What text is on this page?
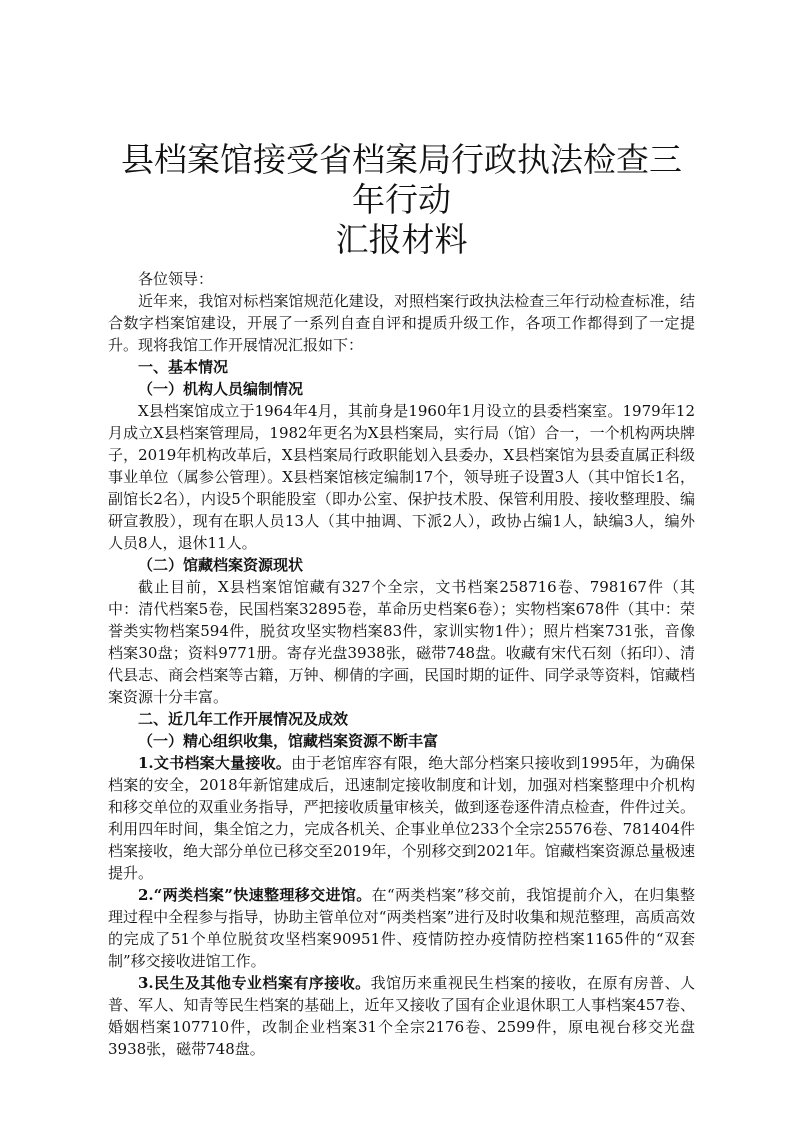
县档案馆接受省档案局行政执法检查三年行动
汇报材料

各位领导：

近年来，我馆对标档案馆规范化建设，对照档案行政执法检查三年行动检查标准，结合数字档案馆建设，开展了一系列自查自评和提质升级工作，各项工作都得到了一定提升。现将我馆工作开展情况汇报如下：

一、基本情况

（一）机构人员编制情况

X县档案馆成立于1964年4月，其前身是1960年1月设立的县委档案室。1979年12月成立X县档案管理局，1982年更名为X县档案局，实行局（馆）合一，一个机构两块牌子，2019年机构改革后，X县档案局行政职能划入县委办，X县档案馆为县委直属正科级事业单位（属参公管理）。X县档案馆核定编制17个，领导班子设置3人（其中馆长1名，副馆长2名），内设5个职能股室（即办公室、保护技术股、保管利用股、接收整理股、编研宣教股），现有在职人员13人（其中抽调、下派2人），政协占编1人，缺编3人，编外人员8人，退休11人。

（二）馆藏档案资源现状

截止目前，X县档案馆馆藏有327个全宗，文书档案258716卷、798167件（其中：清代档案5卷，民国档案32895卷，革命历史档案6卷）；实物档案678件（其中：荣誉类实物档案594件，脱贫攻坚实物档案83件，家训实物1件）；照片档案731张，音像档案30盘；资料9771册。寄存光盘3938张，磁带748盘。收藏有宋代石刻（拓印）、清代县志、商会档案等古籍，万钟、柳倩的字画，民国时期的证件、同学录等资料，馆藏档案资源十分丰富。

二、近几年工作开展情况及成效

（一）精心组织收集，馆藏档案资源不断丰富

1.文书档案大量接收。由于老馆库容有限，绝大部分档案只接收到1995年，为确保档案的安全，2018年新馆建成后，迅速制定接收制度和计划，加强对档案整理中介机构和移交单位的双重业务指导，严把接收质量审核关，做到逐卷逐件清点检查，件件过关。利用四年时间，集全馆之力，完成各机关、企事业单位233个全宗25576卷、781404件档案接收，绝大部分单位已移交至2019年，个别移交到2021年。馆藏档案资源总量极速提升。

2.“两类档案”快速整理移交进馆。在“两类档案”移交前，我馆提前介入，在归集整理过程中全程参与指导，协助主管单位对“两类档案”进行及时收集和规范整理，高质高效的完成了51个单位脱贫攻坚档案90951件、疫情防控办疫情防控档案1165件的“双套制”移交接收进馆工作。

3.民生及其他专业档案有序接收。我馆历来重视民生档案的接收，在原有房普、人普、军人、知青等民生档案的基础上，近年又接收了国有企业退休职工人事档案457卷、婚姻档案107710件，改制企业档案31个全宗2176卷、2599件，原电视台移交光盘3938张，磁带748盘。
